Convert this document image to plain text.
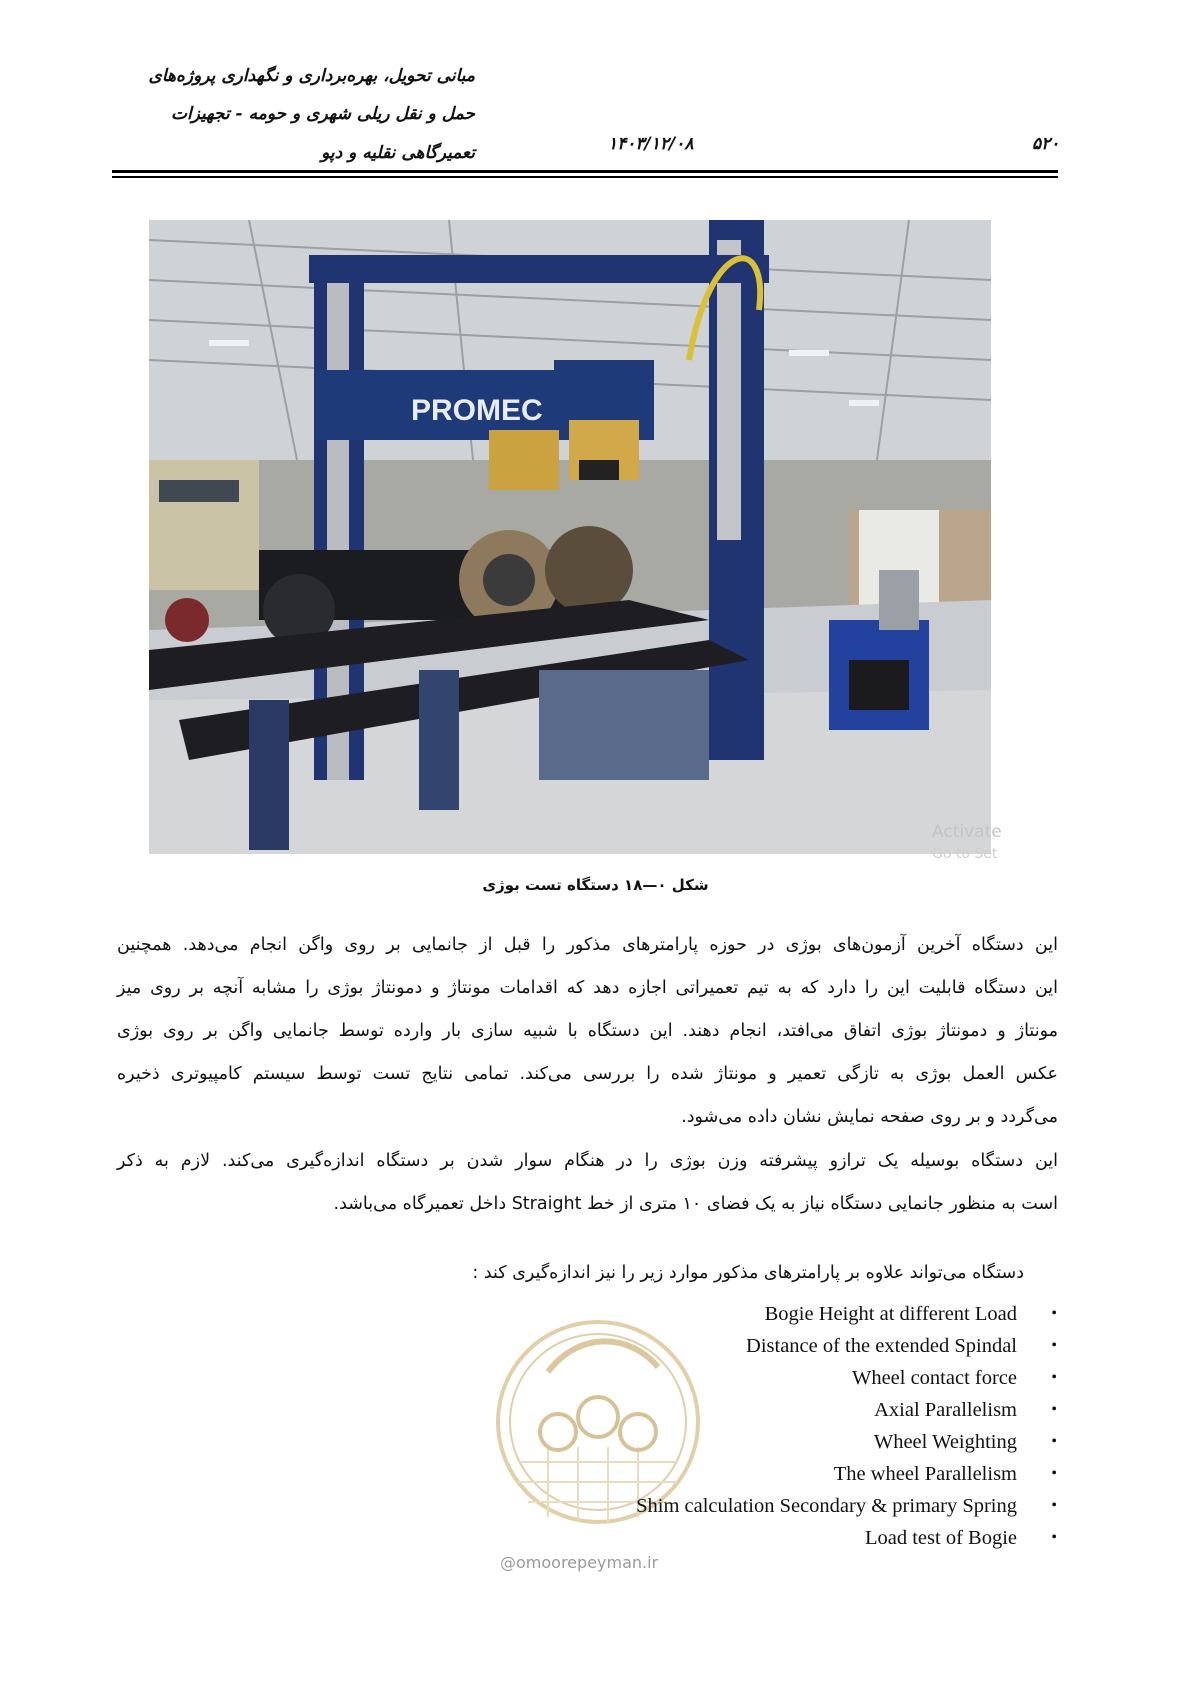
مبانی تحویل، بهره‌برداری و نگهداری پروژه‌های
حمل و نقل ریلی شهری و حومه - تجهیزات
تعمیرگاهی نقلیه و دپو	۱۴۰۳/۱۲/۰۸	۵۲۰
PROMEC
Activate
Go to Set
شکل ۰—۱۸ دستگاه تست بوژی
این دستگاه آخرین آزمون‌های بوژی در حوزه پارامترهای مذکور را قبل از جانمایی بر روی واگن انجام می‌دهد. همچنین
این دستگاه قابلیت این را دارد که به تیم تعمیراتی اجازه دهد که اقدامات مونتاژ و دمونتاژ بوژی را مشابه آنچه بر روی میز
مونتاژ و دمونتاژ بوژی اتفاق می‌افتد، انجام دهند. این دستگاه با شبیه سازی بار وارده توسط جانمایی واگن بر روی بوژی
عکس العمل بوژی به تازگی تعمیر و مونتاژ شده را بررسی می‌کند. تمامی نتایج تست توسط سیستم کامپیوتری ذخیره
می‌گردد و بر روی صفحه نمایش نشان داده می‌شود.
این دستگاه بوسیله یک ترازو پیشرفته وزن بوژی را در هنگام سوار شدن بر دستگاه اندازه‌گیری می‌کند. لازم به ذکر
است به منظور جانمایی دستگاه نیاز به یک فضای ۱۰ متری از خط Straight داخل تعمیرگاه می‌باشد.
دستگاه می‌تواند علاوه بر پارامترهای مذکور موارد زیر را نیز اندازه‌گیری کند :
@omoorepeyman.ir
Bogie Height at different Load •
Distance of the extended Spindal •
Wheel contact force •
Axial Parallelism •
Wheel Weighting •
The wheel Parallelism •
Shim calculation Secondary & primary Spring •
Load test of Bogie •
